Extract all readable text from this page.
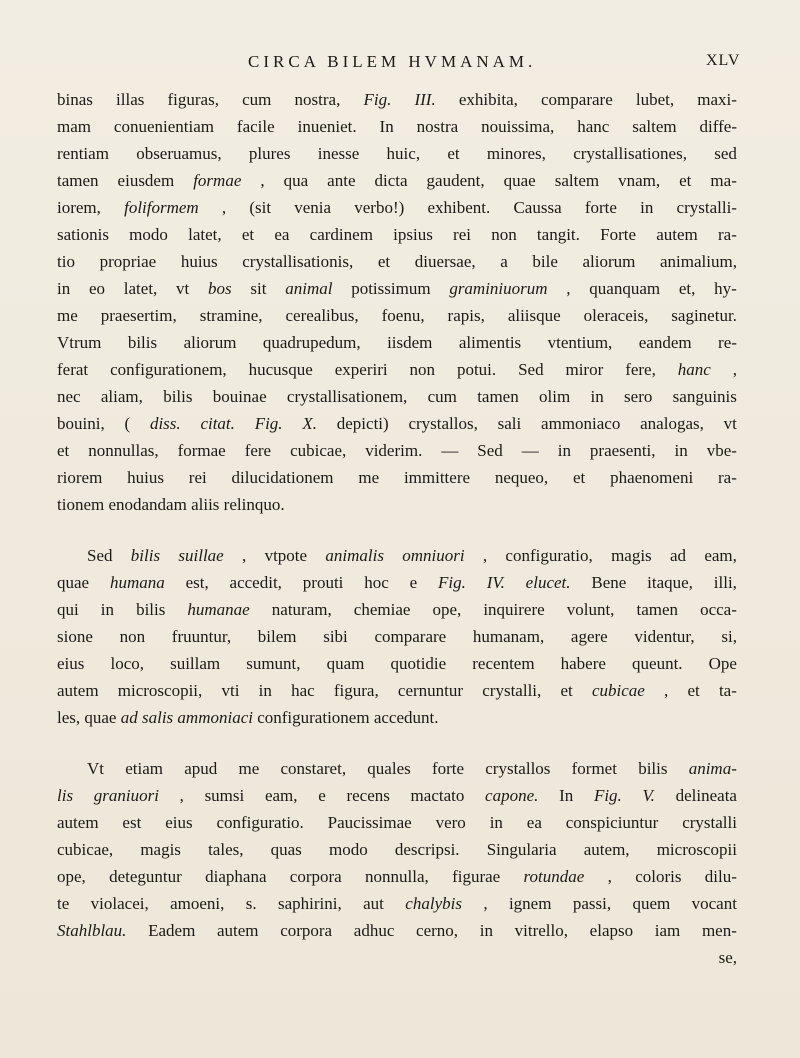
CIRCA BILEM HVMANAM.	XLV
binas illas figuras, cum nostra, Fig. III. exhibita, comparare lubet, maxi-
mam conuenientiam facile inueniet. In nostra nouissima, hanc saltem diffe-
rentiam obseruamus, plures inesse huic, et minores, crystallisationes, sed
tamen eiusdem formae , qua ante dicta gaudent, quae saltem vnam, et ma-
iorem, foliformem , (sit venia verbo!) exhibent. Caussa forte in crystalli-
sationis modo latet, et ea cardinem ipsius rei non tangit. Forte autem ra-
tio propriae huius crystallisationis, et diuersae, a bile aliorum animalium,
in eo latet, vt bos sit animal potissimum graminiuorum , quanquam et, hy-
me praesertim, stramine, cerealibus, foenu, rapis, aliisque oleraceis, saginetur.
Vtrum bilis aliorum quadrupedum, iisdem alimentis vtentium, eandem re-
ferat configurationem, hucusque experiri non potui. Sed miror fere, hanc ,
nec aliam, bilis bouinae crystallisationem, cum tamen olim in sero sanguinis
bouini, ( diss. citat. Fig. X. depicti) crystallos, sali ammoniaco analogas, vt
et nonnullas, formae fere cubicae, viderim. — Sed — in praesenti, in vbe-
riorem huius rei dilucidationem me immittere nequeo, et phaenomeni ra-
tionem
enodandam
aliis
relinquo.
Sed bilis suillae , vtpote animalis omniuori , configuratio, magis ad eam,
quae humana est, accedit, prouti hoc e Fig. IV. elucet. Bene itaque, illi,
qui in bilis humanae naturam, chemiae ope, inquirere volunt, tamen occa-
sione non fruuntur, bilem sibi comparare humanam, agere videntur, si,
eius loco, suillam sumunt, quam quotidie recentem habere queunt. Ope
autem microscopii, vti in hac figura, cernuntur crystalli, et cubicae , et ta-
les,
quae
ad
salis
ammoniaci
configurationem
accedunt.
Vt etiam apud me constaret, quales forte crystallos formet bilis anima-
lis graniuori , sumsi eam, e recens mactato capone. In Fig. V. delineata
autem est eius configuratio. Paucissimae vero in ea conspiciuntur crystalli
cubicae, magis tales, quas modo descripsi. Singularia autem, microscopii
ope, deteguntur diaphana corpora nonnulla, figurae rotundae , coloris dilu-
te violacei, amoeni, s. saphirini, aut chalybis , ignem passi, quem vocant
Stahlblau. Eadem autem corpora adhuc cerno, in vitrello, elapso iam men-
se,
